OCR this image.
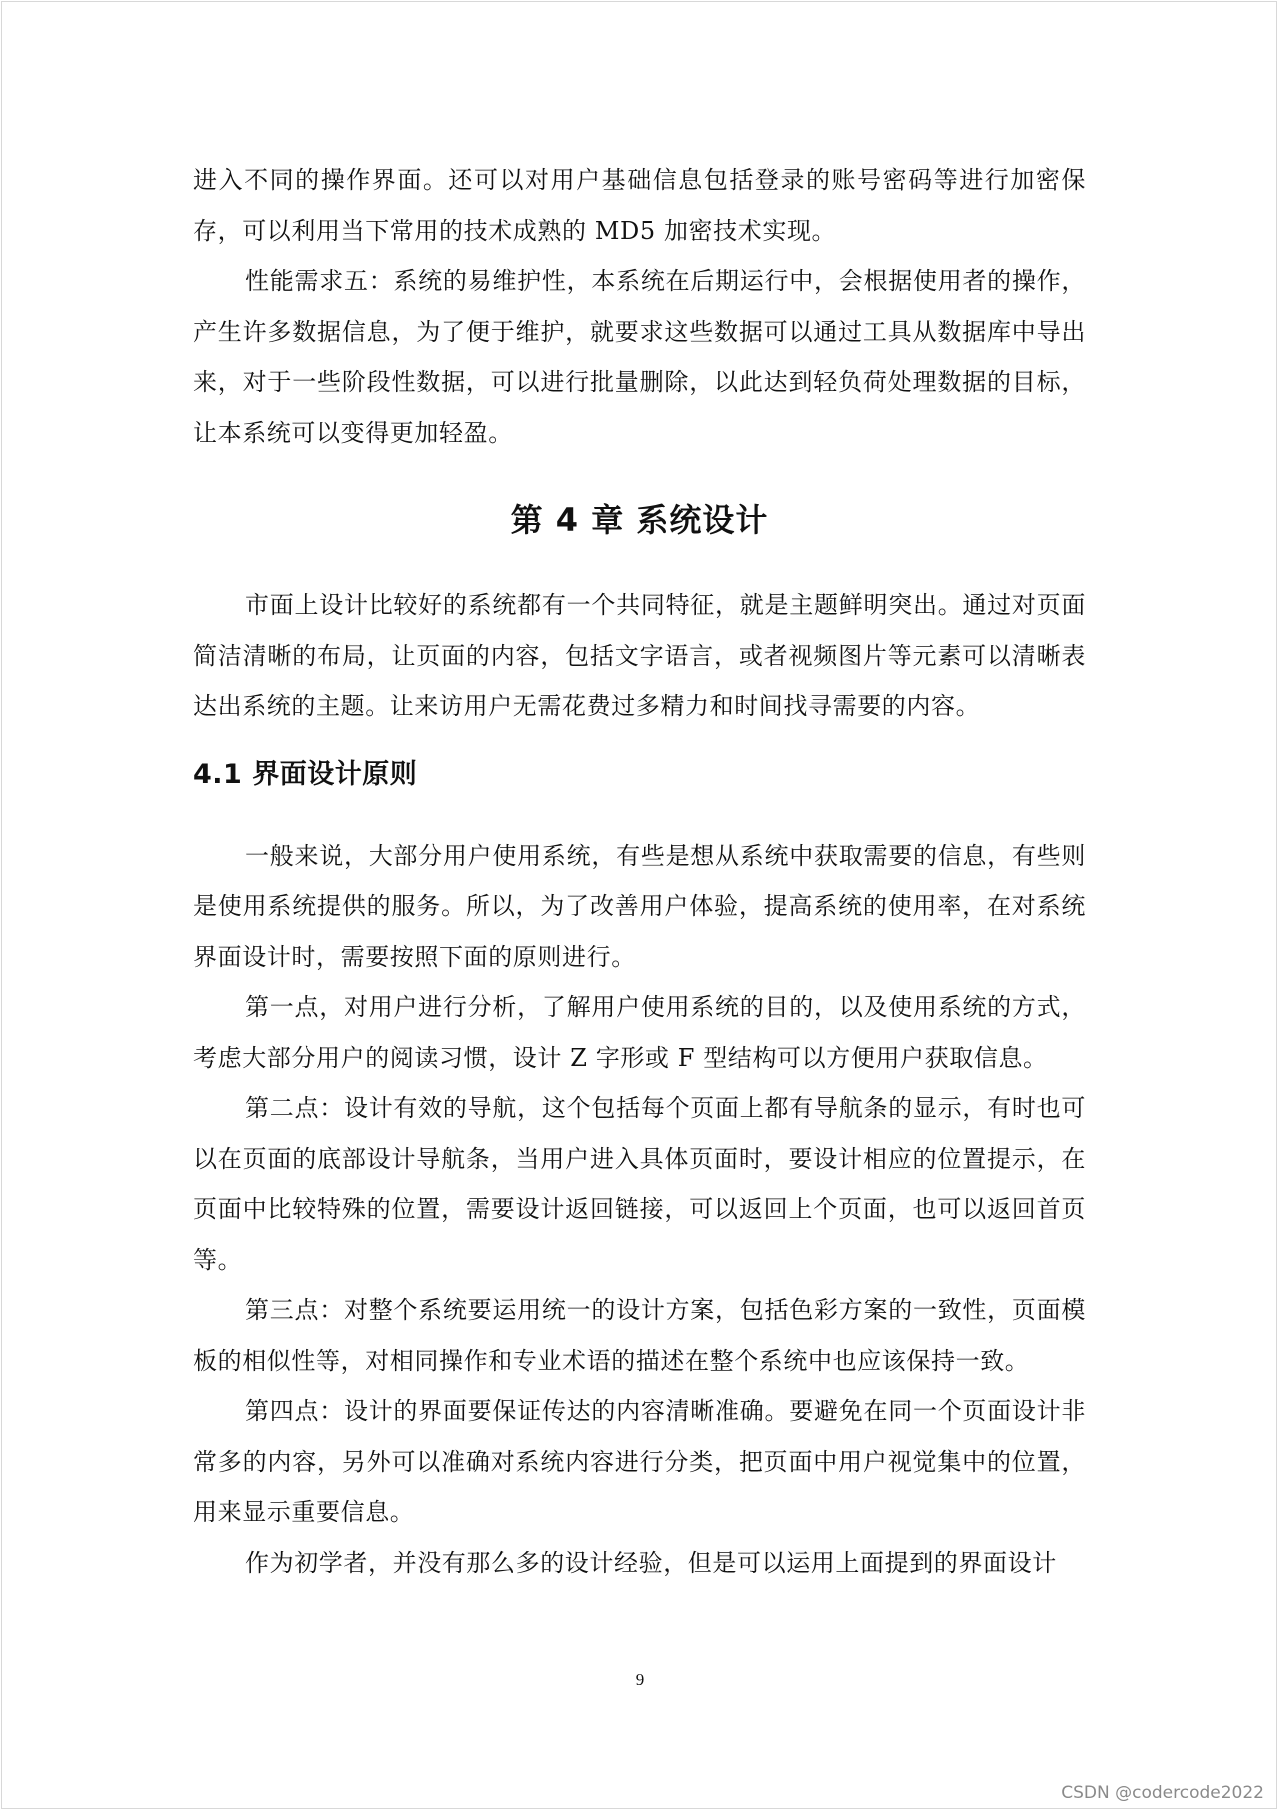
进入不同的操作界面。还可以对用户基础信息包括登录的账号密码等进行加密保存，可以利用当下常用的技术成熟的 MD5 加密技术实现。

性能需求五：系统的易维护性，本系统在后期运行中，会根据使用者的操作，产生许多数据信息，为了便于维护，就要求这些数据可以通过工具从数据库中导出来，对于一些阶段性数据，可以进行批量删除，以此达到轻负荷处理数据的目标，让本系统可以变得更加轻盈。

第 4 章 系统设计

市面上设计比较好的系统都有一个共同特征，就是主题鲜明突出。通过对页面简洁清晰的布局，让页面的内容，包括文字语言，或者视频图片等元素可以清晰表达出系统的主题。让来访用户无需花费过多精力和时间找寻需要的内容。

4.1 界面设计原则

一般来说，大部分用户使用系统，有些是想从系统中获取需要的信息，有些则是使用系统提供的服务。所以，为了改善用户体验，提高系统的使用率，在对系统界面设计时，需要按照下面的原则进行。

第一点，对用户进行分析，了解用户使用系统的目的，以及使用系统的方式，考虑大部分用户的阅读习惯，设计 Z 字形或 F 型结构可以方便用户获取信息。

第二点：设计有效的导航，这个包括每个页面上都有导航条的显示，有时也可以在页面的底部设计导航条，当用户进入具体页面时，要设计相应的位置提示，在页面中比较特殊的位置，需要设计返回链接，可以返回上个页面，也可以返回首页等。

第三点：对整个系统要运用统一的设计方案，包括色彩方案的一致性，页面模板的相似性等，对相同操作和专业术语的描述在整个系统中也应该保持一致。

第四点：设计的界面要保证传达的内容清晰准确。要避免在同一个页面设计非常多的内容，另外可以准确对系统内容进行分类，把页面中用户视觉集中的位置，用来显示重要信息。

作为初学者，并没有那么多的设计经验，但是可以运用上面提到的界面设计

9
CSDN @codercode2022
